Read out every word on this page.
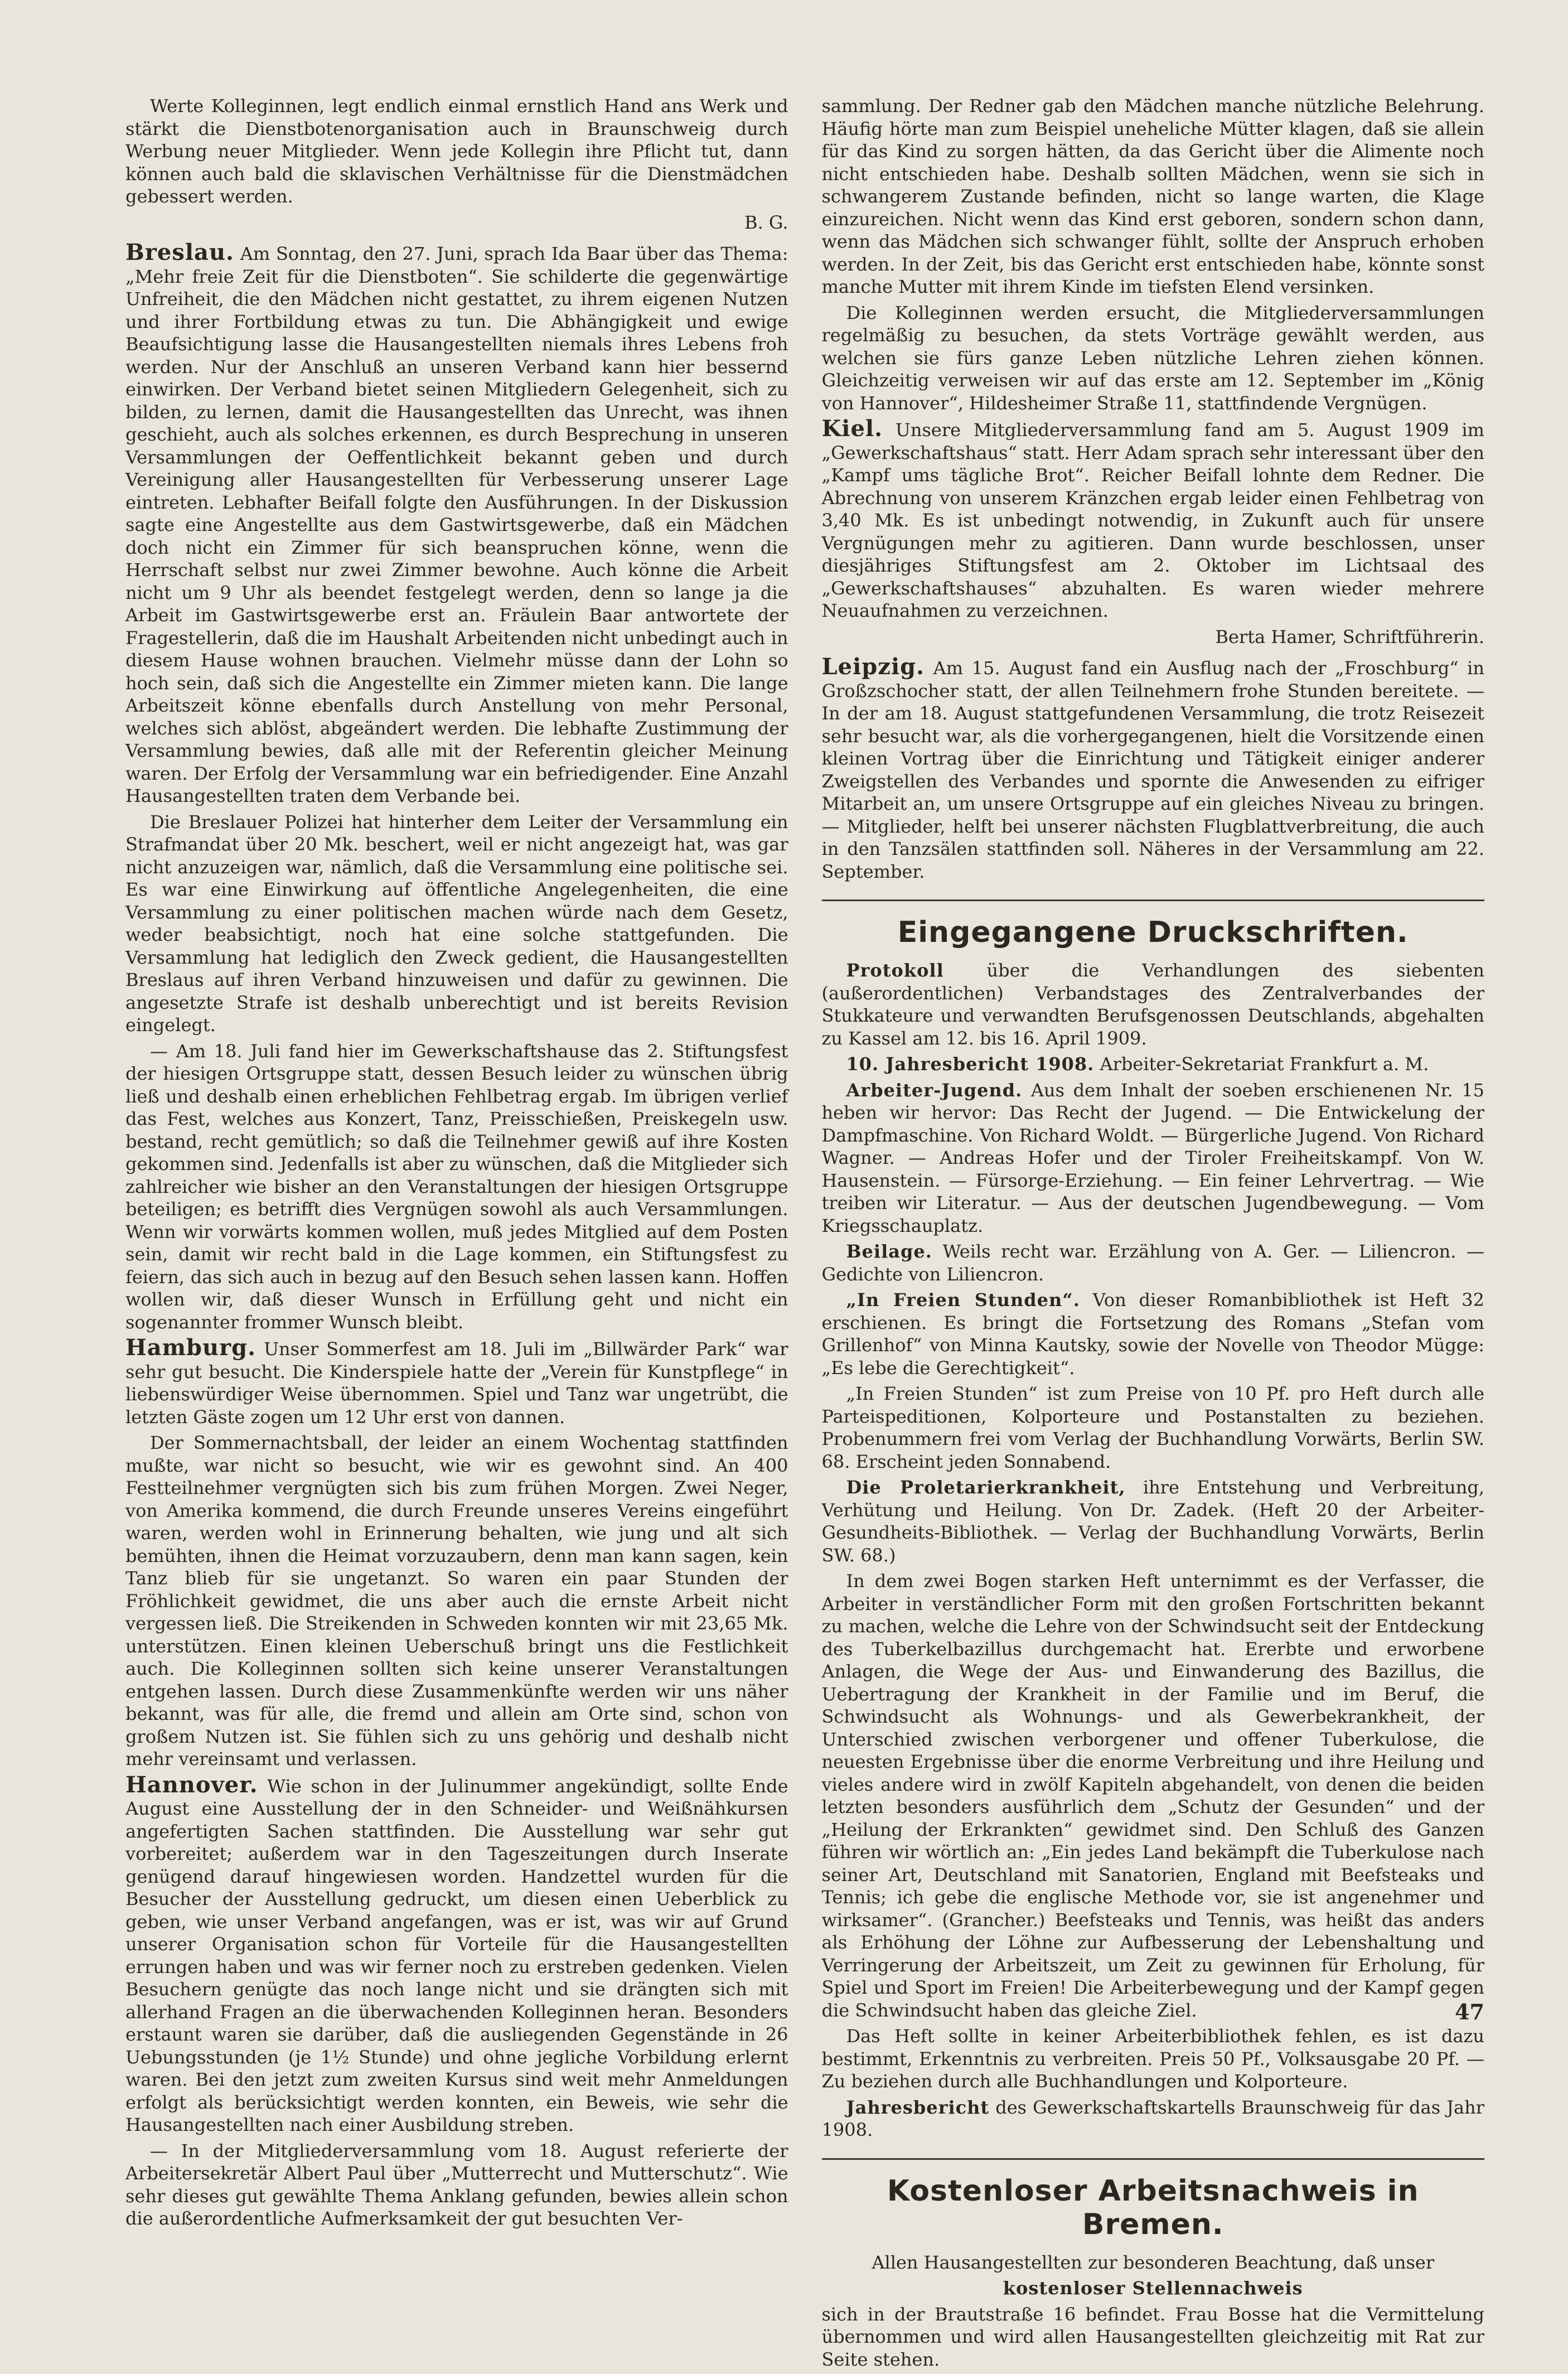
Werte Kolleginnen, legt endlich einmal ernstlich Hand ans Werk und stärkt die Dienstbotenorganisation auch in Braunschweig durch Werbung neuer Mitglieder. Wenn jede Kollegin ihre Pflicht tut, dann können auch bald die sklavischen Verhältnisse für die Dienstmädchen gebessert werden.

B. G.

Breslau. Am Sonntag, den 27. Juni, sprach Ida Baar über das Thema: „Mehr freie Zeit für die Dienstboten“. Sie schilderte die gegenwärtige Unfreiheit, die den Mädchen nicht gestattet, zu ihrem eigenen Nutzen und ihrer Fortbildung etwas zu tun. Die Abhängigkeit und ewige Beaufsichtigung lasse die Hausangestellten niemals ihres Lebens froh werden. Nur der Anschluß an unseren Verband kann hier bessernd einwirken. Der Verband bietet seinen Mitgliedern Gelegenheit, sich zu bilden, zu lernen, damit die Hausangestellten das Unrecht, was ihnen geschieht, auch als solches erkennen, es durch Besprechung in unseren Versammlungen der Oeffentlichkeit bekannt geben und durch Vereinigung aller Hausangestellten für Verbesserung unserer Lage eintreten. Lebhafter Beifall folgte den Ausführungen. In der Diskussion sagte eine Angestellte aus dem Gastwirtsgewerbe, daß ein Mädchen doch nicht ein Zimmer für sich beanspruchen könne, wenn die Herrschaft selbst nur zwei Zimmer bewohne. Auch könne die Arbeit nicht um 9 Uhr als beendet festgelegt werden, denn so lange ja die Arbeit im Gastwirtsgewerbe erst an. Fräulein Baar antwortete der Fragestellerin, daß die im Haushalt Arbeitenden nicht unbedingt auch in diesem Hause wohnen brauchen. Vielmehr müsse dann der Lohn so hoch sein, daß sich die Angestellte ein Zimmer mieten kann. Die lange Arbeitszeit könne ebenfalls durch Anstellung von mehr Personal, welches sich ablöst, abgeändert werden. Die lebhafte Zustimmung der Versammlung bewies, daß alle mit der Referentin gleicher Meinung waren. Der Erfolg der Versammlung war ein befriedigender. Eine Anzahl Hausangestellten traten dem Verbande bei.

Die Breslauer Polizei hat hinterher dem Leiter der Versammlung ein Strafmandat über 20 Mk. beschert, weil er nicht angezeigt hat, was gar nicht anzuzeigen war, nämlich, daß die Versammlung eine politische sei. Es war eine Einwirkung auf öffentliche Angelegenheiten, die eine Versammlung zu einer politischen machen würde nach dem Gesetz, weder beabsichtigt, noch hat eine solche stattgefunden. Die Versammlung hat lediglich den Zweck gedient, die Hausangestellten Breslaus auf ihren Verband hinzuweisen und dafür zu gewinnen. Die angesetzte Strafe ist deshalb unberechtigt und ist bereits Revision eingelegt.

— Am 18. Juli fand hier im Gewerkschaftshause das 2. Stiftungsfest der hiesigen Ortsgruppe statt, dessen Besuch leider zu wünschen übrig ließ und deshalb einen erheblichen Fehlbetrag ergab. Im übrigen verlief das Fest, welches aus Konzert, Tanz, Preisschießen, Preiskegeln usw. bestand, recht gemütlich; so daß die Teilnehmer gewiß auf ihre Kosten gekommen sind. Jedenfalls ist aber zu wünschen, daß die Mitglieder sich zahlreicher wie bisher an den Veranstaltungen der hiesigen Ortsgruppe beteiligen; es betrifft dies Vergnügen sowohl als auch Versammlungen. Wenn wir vorwärts kommen wollen, muß jedes Mitglied auf dem Posten sein, damit wir recht bald in die Lage kommen, ein Stiftungsfest zu feiern, das sich auch in bezug auf den Besuch sehen lassen kann. Hoffen wollen wir, daß dieser Wunsch in Erfüllung geht und nicht ein sogenannter frommer Wunsch bleibt.

Hamburg. Unser Sommerfest am 18. Juli im „Billwärder Park“ war sehr gut besucht. Die Kinderspiele hatte der „Verein für Kunstpflege“ in liebenswürdiger Weise übernommen. Spiel und Tanz war ungetrübt, die letzten Gäste zogen um 12 Uhr erst von dannen.

Der Sommernachtsball, der leider an einem Wochentag stattfinden mußte, war nicht so besucht, wie wir es gewohnt sind. An 400 Festteilnehmer vergnügten sich bis zum frühen Morgen. Zwei Neger, von Amerika kommend, die durch Freunde unseres Vereins eingeführt waren, werden wohl in Erinnerung behalten, wie jung und alt sich bemühten, ihnen die Heimat vorzuzaubern, denn man kann sagen, kein Tanz blieb für sie ungetanzt. So waren ein paar Stunden der Fröhlichkeit gewidmet, die uns aber auch die ernste Arbeit nicht vergessen ließ. Die Streikenden in Schweden konnten wir mit 23,65 Mk. unterstützen. Einen kleinen Ueberschuß bringt uns die Festlichkeit auch. Die Kolleginnen sollten sich keine unserer Veranstaltungen entgehen lassen. Durch diese Zusammenkünfte werden wir uns näher bekannt, was für alle, die fremd und allein am Orte sind, schon von großem Nutzen ist. Sie fühlen sich zu uns gehörig und deshalb nicht mehr vereinsamt und verlassen.

Hannover. Wie schon in der Julinummer angekündigt, sollte Ende August eine Ausstellung der in den Schneider- und Weißnähkursen angefertigten Sachen stattfinden. Die Ausstellung war sehr gut vorbereitet; außerdem war in den Tageszeitungen durch Inserate genügend darauf hingewiesen worden. Handzettel wurden für die Besucher der Ausstellung gedruckt, um diesen einen Ueberblick zu geben, wie unser Verband angefangen, was er ist, was wir auf Grund unserer Organisation schon für Vorteile für die Hausangestellten errungen haben und was wir ferner noch zu erstreben gedenken. Vielen Besuchern genügte das noch lange nicht und sie drängten sich mit allerhand Fragen an die überwachenden Kolleginnen heran. Besonders erstaunt waren sie darüber, daß die ausliegenden Gegenstände in 26 Uebungsstunden (je 1½ Stunde) und ohne jegliche Vorbildung erlernt waren. Bei den jetzt zum zweiten Kursus sind weit mehr Anmeldungen erfolgt als berücksichtigt werden konnten, ein Beweis, wie sehr die Hausangestellten nach einer Ausbildung streben.

— In der Mitgliederversammlung vom 18. August referierte der Arbeitersekretär Albert Paul über „Mutterrecht und Mutterschutz“. Wie sehr dieses gut gewählte Thema Anklang gefunden, bewies allein schon die außerordentliche Aufmerksamkeit der gut besuchten Ver-

sammlung. Der Redner gab den Mädchen manche nützliche Belehrung. Häufig hörte man zum Beispiel uneheliche Mütter klagen, daß sie allein für das Kind zu sorgen hätten, da das Gericht über die Alimente noch nicht entschieden habe. Deshalb sollten Mädchen, wenn sie sich in schwangerem Zustande befinden, nicht so lange warten, die Klage einzureichen. Nicht wenn das Kind erst geboren, sondern schon dann, wenn das Mädchen sich schwanger fühlt, sollte der Anspruch erhoben werden. In der Zeit, bis das Gericht erst entschieden habe, könnte sonst manche Mutter mit ihrem Kinde im tiefsten Elend versinken.

Die Kolleginnen werden ersucht, die Mitgliederversammlungen regelmäßig zu besuchen, da stets Vorträge gewählt werden, aus welchen sie fürs ganze Leben nützliche Lehren ziehen können. Gleichzeitig verweisen wir auf das erste am 12. September im „König von Hannover“, Hildesheimer Straße 11, stattfindende Vergnügen.

Kiel. Unsere Mitgliederversammlung fand am 5. August 1909 im „Gewerkschaftshaus“ statt. Herr Adam sprach sehr interessant über den „Kampf ums tägliche Brot“. Reicher Beifall lohnte dem Redner. Die Abrechnung von unserem Kränzchen ergab leider einen Fehlbetrag von 3,40 Mk. Es ist unbedingt notwendig, in Zukunft auch für unsere Vergnügungen mehr zu agitieren. Dann wurde beschlossen, unser diesjähriges Stiftungsfest am 2. Oktober im Lichtsaal des „Gewerkschaftshauses“ abzuhalten. Es waren wieder mehrere Neuaufnahmen zu verzeichnen.

Berta Hamer, Schriftführerin.

Leipzig. Am 15. August fand ein Ausflug nach der „Froschburg“ in Großzschocher statt, der allen Teilnehmern frohe Stunden bereitete. — In der am 18. August stattgefundenen Versammlung, die trotz Reisezeit sehr besucht war, als die vorhergegangenen, hielt die Vorsitzende einen kleinen Vortrag über die Einrichtung und Tätigkeit einiger anderer Zweigstellen des Verbandes und spornte die Anwesenden zu eifriger Mitarbeit an, um unsere Ortsgruppe auf ein gleiches Niveau zu bringen. — Mitglieder, helft bei unserer nächsten Flugblattverbreitung, die auch in den Tanzsälen stattfinden soll. Näheres in der Versammlung am 22. September.

Eingegangene Druckschriften.

Protokoll über die Verhandlungen des siebenten (außerordentlichen) Verbandstages des Zentralverbandes der Stukkateure und verwandten Berufsgenossen Deutschlands, abgehalten zu Kassel am 12. bis 16. April 1909.

10. Jahresbericht 1908. Arbeiter-Sekretariat Frankfurt a. M.

Arbeiter-Jugend. Aus dem Inhalt der soeben erschienenen Nr. 15 heben wir hervor: Das Recht der Jugend. — Die Entwickelung der Dampfmaschine. Von Richard Woldt. — Bürgerliche Jugend. Von Richard Wagner. — Andreas Hofer und der Tiroler Freiheitskampf. Von W. Hausenstein. — Fürsorge-Erziehung. — Ein feiner Lehrvertrag. — Wie treiben wir Literatur. — Aus der deutschen Jugendbewegung. — Vom Kriegsschauplatz.

Beilage. Weils recht war. Erzählung von A. Ger. — Liliencron. — Gedichte von Liliencron.

„In Freien Stunden“. Von dieser Romanbibliothek ist Heft 32 erschienen. Es bringt die Fortsetzung des Romans „Stefan vom Grillenhof“ von Minna Kautsky, sowie der Novelle von Theodor Mügge: „Es lebe die Gerechtigkeit“.

„In Freien Stunden“ ist zum Preise von 10 Pf. pro Heft durch alle Parteispeditionen, Kolporteure und Postanstalten zu beziehen. Probenummern frei vom Verlag der Buchhandlung Vorwärts, Berlin SW. 68. Erscheint jeden Sonnabend.

Die Proletarierkrankheit, ihre Entstehung und Verbreitung, Verhütung und Heilung. Von Dr. Zadek. (Heft 20 der Arbeiter-Gesundheits-Bibliothek. — Verlag der Buchhandlung Vorwärts, Berlin SW. 68.)

In dem zwei Bogen starken Heft unternimmt es der Verfasser, die Arbeiter in verständlicher Form mit den großen Fortschritten bekannt zu machen, welche die Lehre von der Schwindsucht seit der Entdeckung des Tuberkelbazillus durchgemacht hat. Ererbte und erworbene Anlagen, die Wege der Aus- und Einwanderung des Bazillus, die Uebertragung der Krankheit in der Familie und im Beruf, die Schwindsucht als Wohnungs- und als Gewerbekrankheit, der Unterschied zwischen verborgener und offener Tuberkulose, die neuesten Ergebnisse über die enorme Verbreitung und ihre Heilung und vieles andere wird in zwölf Kapiteln abgehandelt, von denen die beiden letzten besonders ausführlich dem „Schutz der Gesunden“ und der „Heilung der Erkrankten“ gewidmet sind. Den Schluß des Ganzen führen wir wörtlich an: „Ein jedes Land bekämpft die Tuberkulose nach seiner Art, Deutschland mit Sanatorien, England mit Beefsteaks und Tennis; ich gebe die englische Methode vor, sie ist angenehmer und wirksamer“. (Grancher.) Beefsteaks und Tennis, was heißt das anders als Erhöhung der Löhne zur Aufbesserung der Lebenshaltung und Verringerung der Arbeitszeit, um Zeit zu gewinnen für Erholung, für Spiel und Sport im Freien! Die Arbeiterbewegung und der Kampf gegen die Schwindsucht haben das gleiche Ziel.

Das Heft sollte in keiner Arbeiterbibliothek fehlen, es ist dazu bestimmt, Erkenntnis zu verbreiten. Preis 50 Pf., Volksausgabe 20 Pf. — Zu beziehen durch alle Buchhandlungen und Kolporteure.

Jahresbericht des Gewerkschaftskartells Braunschweig für das Jahr 1908.

Kostenloser Arbeitsnachweis in Bremen.

Allen Hausangestellten zur besonderen Beachtung, daß unser

kostenloser Stellennachweis

sich in der Brautstraße 16 befindet. Frau Bosse hat die Vermittelung übernommen und wird allen Hausangestellten gleichzeitig mit Rat zur Seite stehen.

47
